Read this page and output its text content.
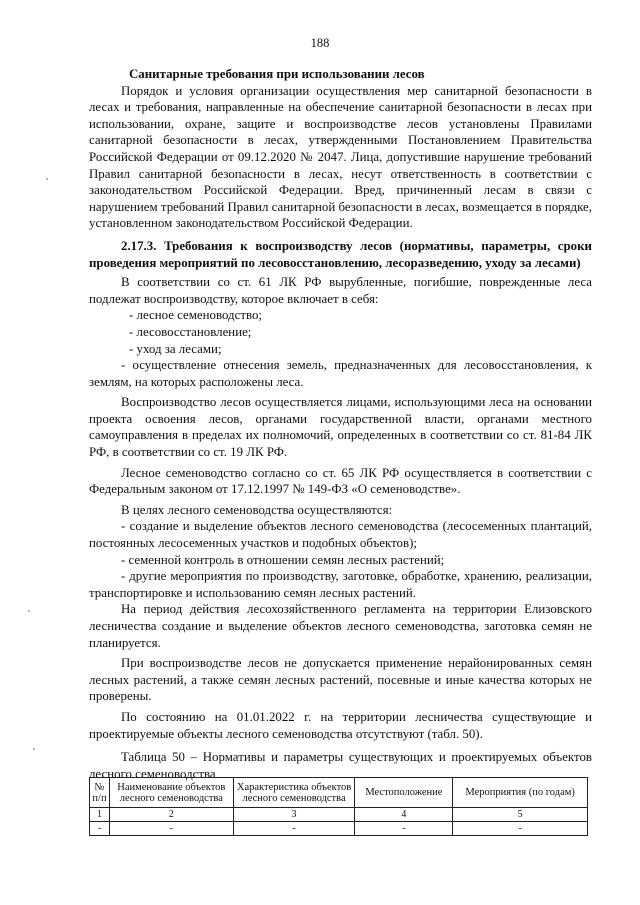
188

Санитарные требования при использовании лесов

Порядок и условия организации осуществления мер санитарной безопасности в лесах и требования, направленные на обеспечение санитарной безопасности в лесах при использовании, охране, защите и воспроизводстве лесов установлены Правилами санитарной безопасности в лесах, утвержденными Постановлением Правительства Российской Федерации от 09.12.2020 № 2047. Лица, допустившие нарушение требований Правил санитарной безопасности в лесах, несут ответственность в соответствии с законодательством Российской Федерации. Вред, причиненный лесам в связи с нарушением требований Правил санитарной безопасности в лесах, возмещается в порядке, установленном законодательством Российской Федерации.

2.17.3. Требования к воспроизводству лесов (нормативы, параметры, сроки проведения мероприятий по лесовосстановлению, лесоразведению, уходу за лесами)

В соответствии со ст. 61 ЛК РФ вырубленные, погибшие, поврежденные леса подлежат воспроизводству, которое включает в себя:

- лесное семеноводство;

- лесовосстановление;

- уход за лесами;

- осуществление отнесения земель, предназначенных для лесовосстановления, к землям, на которых расположены леса.

Воспроизводство лесов осуществляется лицами, использующими леса на основании проекта освоения лесов, органами государственной власти, органами местного самоуправления в пределах их полномочий, определенных в соответствии со ст. 81-84 ЛК РФ, в соответствии со ст. 19 ЛК РФ.

Лесное семеноводство согласно со ст. 65 ЛК РФ осуществляется в соответствии с Федеральным законом от 17.12.1997 № 149-ФЗ «О семеноводстве».

В целях лесного семеноводства осуществляются:

- создание и выделение объектов лесного семеноводства (лесосеменных плантаций, постоянных лесосеменных участков и подобных объектов);

- семенной контроль в отношении семян лесных растений;

- другие мероприятия по производству, заготовке, обработке, хранению, реализации, транспортировке и использованию семян лесных растений.

На период действия лесохозяйственного регламента на территории Елизовского лесничества создание и выделение объектов лесного семеноводства, заготовка семян не планируется.

При воспроизводстве лесов не допускается применение нерайонированных семян лесных растений, а также семян лесных растений, посевные и иные качества которых не проверены.

По состоянию на 01.01.2022 г. на территории лесничества существующие и проектируемые объекты лесного семеноводства отсутствуют (табл. 50).

Таблица 50 – Нормативы и параметры существующих и проектируемых объектов лесного семеноводства

№ п/п	Наименование объектов лесного семеноводства	Характеристика объектов лесного семеноводства	Местоположение	Мероприятия (по годам)
1	2	3	4	5
-	-	-	-	-
